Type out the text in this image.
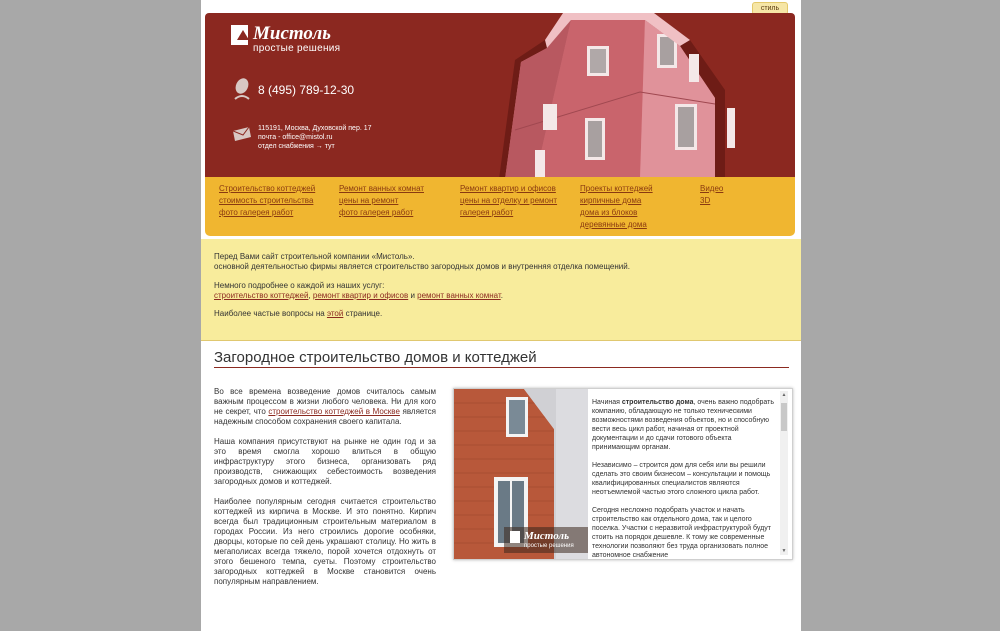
стиль
Мистоль
простые решения
8 (495) 789-12-30
115191, Москва, Духовской пер. 17
почта - office@mistol.ru
отдел снабжения → тут
Строительство коттеджей
стоимость строительства
фото галерея работ
Ремонт ванных комнат
цены на ремонт
фото галерея работ
Ремонт квартир и офисов
цены на отделку и ремонт
галерея работ
Проекты коттеджей
кирпичные дома
дома из блоков
деревянные дома
Видео
3D

Перед Вами сайт строительной компании «Мистоль».

основной деятельностью фирмы является строительство загородных домов и внутренняя отделка помещений.

Немного подробнее о каждой из наших услуг:

строительство коттеджей, ремонт квартир и офисов и ремонт ванных комнат.

Наиболее частые вопросы на этой странице.

Загородное строительство домов и коттеджей

Во все времена возведение домов считалось самым важным процессом в жизни любого человека. Ни для кого не секрет, что строительство коттеджей в Москве является надежным способом сохранения своего капитала.

Наша компания присутствуют на рынке не один год и за это время смогла хорошо влиться в общую инфраструктуру этого бизнеса, организовать ряд производств, снижающих себестоимость возведения загородных домов и коттеджей.

Наиболее популярным сегодня считается строительство коттеджей из кирпича в Москве. И это понятно. Кирпич всегда был традиционным строительным материалом в городах России. Из него строились дорогие особняки, дворцы, которые по сей день украшают столицу. Но жить в мегаполисах всегда тяжело, порой хочется отдохнуть от этого бешеного темпа, суеты. Поэтому строительство загородных коттеджей в Москве становится очень популярным направлением.

Мистоль
простые решения

Начиная строительство дома, очень важно подобрать компанию, обладающую не только техническими возможностями возведения объектов, но и способную вести весь цикл работ, начиная от проектной документации и до сдачи готового объекта принимающим органам.

Независимо – строится дом для себя или вы решили сделать это своим бизнесом – консультации и помощь квалифицированных специалистов являются неотъемлемой частью этого сложного цикла работ.

Сегодня несложно подобрать участок и начать строительство как отдельного дома, так и целого поселка. Участки с неразвитой инфраструктурой будут стоить на порядок дешевле. К тому же современные технологии позволяют без труда организовать полное автономное снабжение

▲
▼
